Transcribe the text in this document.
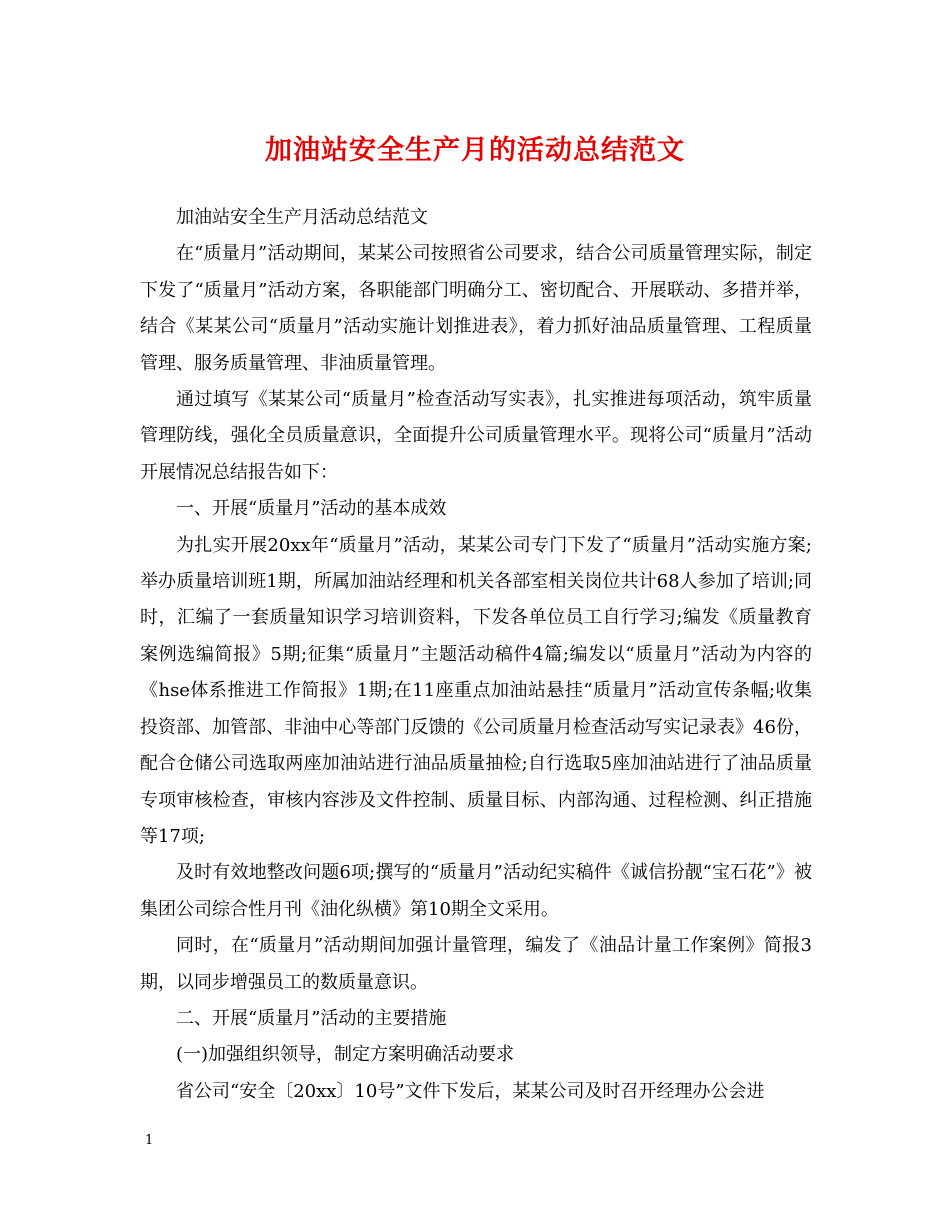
加油站安全生产月的活动总结范文

加油站安全生产月活动总结范文

在“质量月”活动期间，某某公司按照省公司要求，结合公司质量管理实际，制定下发了“质量月”活动方案，各职能部门明确分工、密切配合、开展联动、多措并举，结合《某某公司“质量月”活动实施计划推进表》，着力抓好油品质量管理、工程质量管理、服务质量管理、非油质量管理。

通过填写《某某公司“质量月”检查活动写实表》，扎实推进每项活动，筑牢质量管理防线，强化全员质量意识，全面提升公司质量管理水平。现将公司“质量月”活动开展情况总结报告如下：

一、开展“质量月”活动的基本成效

为扎实开展20xx年“质量月”活动，某某公司专门下发了“质量月”活动实施方案;举办质量培训班1期，所属加油站经理和机关各部室相关岗位共计68人参加了培训;同时，汇编了一套质量知识学习培训资料，下发各单位员工自行学习;编发《质量教育案例选编简报》5期;征集“质量月”主题活动稿件4篇;编发以“质量月”活动为内容的《hse体系推进工作简报》1期;在11座重点加油站悬挂“质量月”活动宣传条幅;收集投资部、加管部、非油中心等部门反馈的《公司质量月检查活动写实记录表》46份，配合仓储公司选取两座加油站进行油品质量抽检;自行选取5座加油站进行了油品质量专项审核检查，审核内容涉及文件控制、质量目标、内部沟通、过程检测、纠正措施等17项;

及时有效地整改问题6项;撰写的“质量月”活动纪实稿件《诚信扮靓“宝石花”》被集团公司综合性月刊《油化纵横》第10期全文采用。

同时，在“质量月”活动期间加强计量管理，编发了《油品计量工作案例》简报3期，以同步增强员工的数质量意识。

二、开展“质量月”活动的主要措施

(一)加强组织领导，制定方案明确活动要求

省公司“安全〔20xx〕10号”文件下发后，某某公司及时召开经理办公会进

1
